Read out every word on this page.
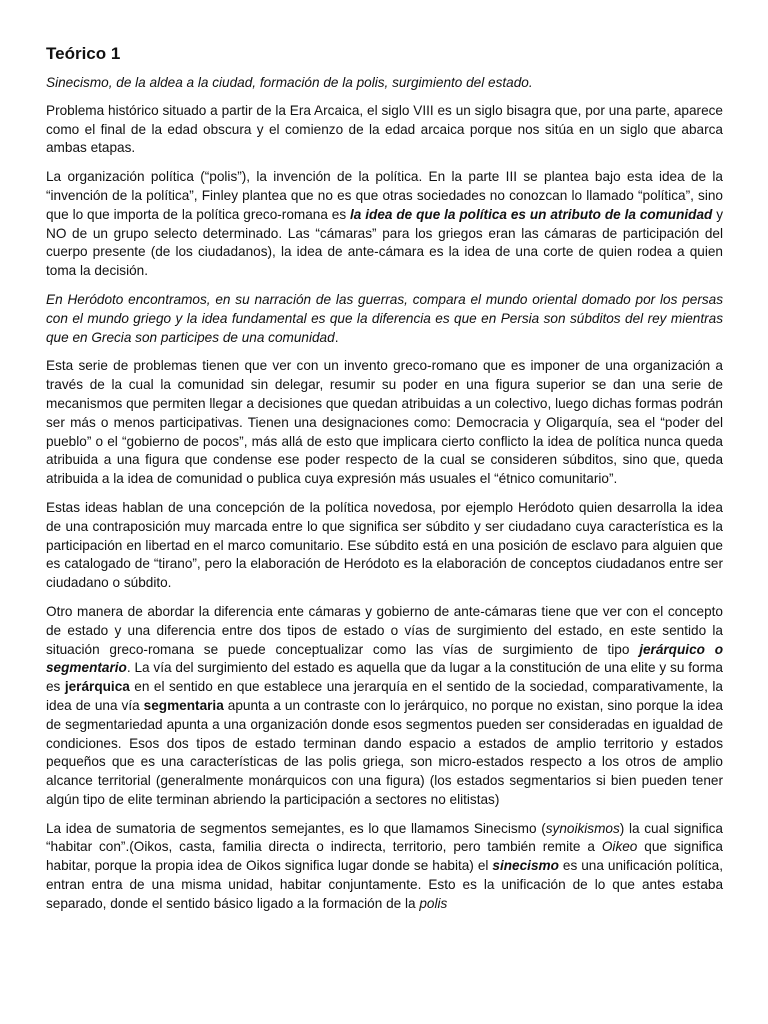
Teórico 1

Sinecismo, de la aldea a la ciudad, formación de la polis, surgimiento del estado.

Problema histórico situado a partir de la Era Arcaica, el siglo VIII es un siglo bisagra que, por una parte, aparece como el final de la edad obscura y el comienzo de la edad arcaica porque nos sitúa en un siglo que abarca ambas etapas.

La organización política (“polis”), la invención de la política. En la parte III se plantea bajo esta idea de la “invención de la política”, Finley plantea que no es que otras sociedades no conozcan lo llamado “política”, sino que lo que importa de la política greco-romana es la idea de que la política es un atributo de la comunidad y NO de un grupo selecto determinado. Las “cámaras” para los griegos eran las cámaras de participación del cuerpo presente (de los ciudadanos), la idea de ante-cámara es la idea de una corte de quien rodea a quien toma la decisión.

En Heródoto encontramos, en su narración de las guerras, compara el mundo oriental domado por los persas con el mundo griego y la idea fundamental es que la diferencia es que en Persia son súbditos del rey mientras que en Grecia son participes de una comunidad.

Esta serie de problemas tienen que ver con un invento greco-romano que es imponer de una organización a través de la cual la comunidad sin delegar, resumir su poder en una figura superior se dan una serie de mecanismos que permiten llegar a decisiones que quedan atribuidas a un colectivo, luego dichas formas podrán ser más o menos participativas. Tienen una designaciones como: Democracia y Oligarquía, sea el “poder del pueblo” o el “gobierno de pocos”, más allá de esto que implicara cierto conflicto la idea de política nunca queda atribuida a una figura que condense ese poder respecto de la cual se consideren súbditos, sino que, queda atribuida a la idea de comunidad o publica cuya expresión más usuales el “étnico comunitario”.

Estas ideas hablan de una concepción de la política novedosa, por ejemplo Heródoto quien desarrolla la idea de una contraposición muy marcada entre lo que significa ser súbdito y ser ciudadano cuya característica es la participación en libertad en el marco comunitario. Ese súbdito está en una posición de esclavo para alguien que es catalogado de “tirano”, pero la elaboración de Heródoto es la elaboración de conceptos ciudadanos entre ser ciudadano o súbdito.

Otro manera de abordar la diferencia ente cámaras y gobierno de ante-cámaras tiene que ver con el concepto de estado y una diferencia entre dos tipos de estado o vías de surgimiento del estado, en este sentido la situación greco-romana se puede conceptualizar como las vías de surgimiento de tipo jerárquico o segmentario. La vía del surgimiento del estado es aquella que da lugar a la constitución de una elite y su forma es jerárquica en el sentido en que establece una jerarquía en el sentido de la sociedad, comparativamente, la idea de una vía segmentaria apunta a un contraste con lo jerárquico, no porque no existan, sino porque la idea de segmentariedad apunta a una organización donde esos segmentos pueden ser consideradas en igualdad de condiciones. Esos dos tipos de estado terminan dando espacio a estados de amplio territorio y estados pequeños que es una características de las polis griega, son micro-estados respecto a los otros de amplio alcance territorial (generalmente monárquicos con una figura) (los estados segmentarios si bien pueden tener algún tipo de elite terminan abriendo la participación a sectores no elitistas)

La idea de sumatoria de segmentos semejantes, es lo que llamamos Sinecismo (synoikismos) la cual significa “habitar con”.(Oikos, casta, familia directa o indirecta, territorio, pero también remite a Oikeo que significa habitar, porque la propia idea de Oikos significa lugar donde se habita) el sinecismo es una unificación política, entran entra de una misma unidad, habitar conjuntamente. Esto es la unificación de lo que antes estaba separado, donde el sentido básico ligado a la formación de la polis
